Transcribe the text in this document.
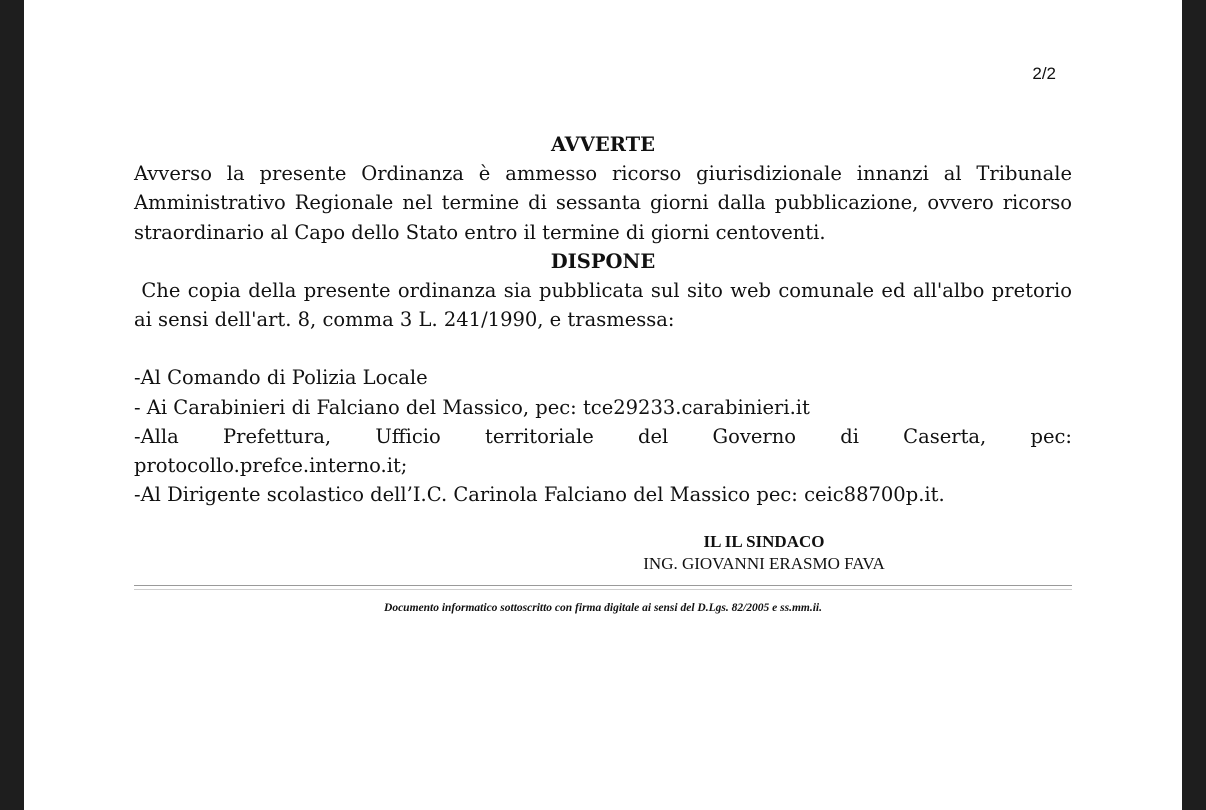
2/2

AVVERTE

Avverso la presente Ordinanza è ammesso ricorso giurisdizionale innanzi al Tribunale Amministrativo Regionale nel termine di sessanta giorni dalla pubblicazione, ovvero ricorso straordinario al Capo dello Stato entro il termine di giorni centoventi.

DISPONE

Che copia della presente ordinanza sia pubblicata sul sito web comunale ed all'albo pretorio ai sensi dell'art. 8, comma 3 L. 241/1990, e trasmessa:

-Al Comando di Polizia Locale

- Ai Carabinieri di Falciano del Massico, pec: tce29233.carabinieri.it

-Alla Prefettura, Ufficio territoriale del Governo di Caserta, pec:

protocollo.prefce.interno.it;

-Al Dirigente scolastico dell’I.C. Carinola Falciano del Massico pec: ceic88700p.it.

IL IL SINDACO
ING. GIOVANNI ERASMO FAVA
Documento informatico sottoscritto con firma digitale ai sensi del D.Lgs. 82/2005 e ss.mm.ii.
